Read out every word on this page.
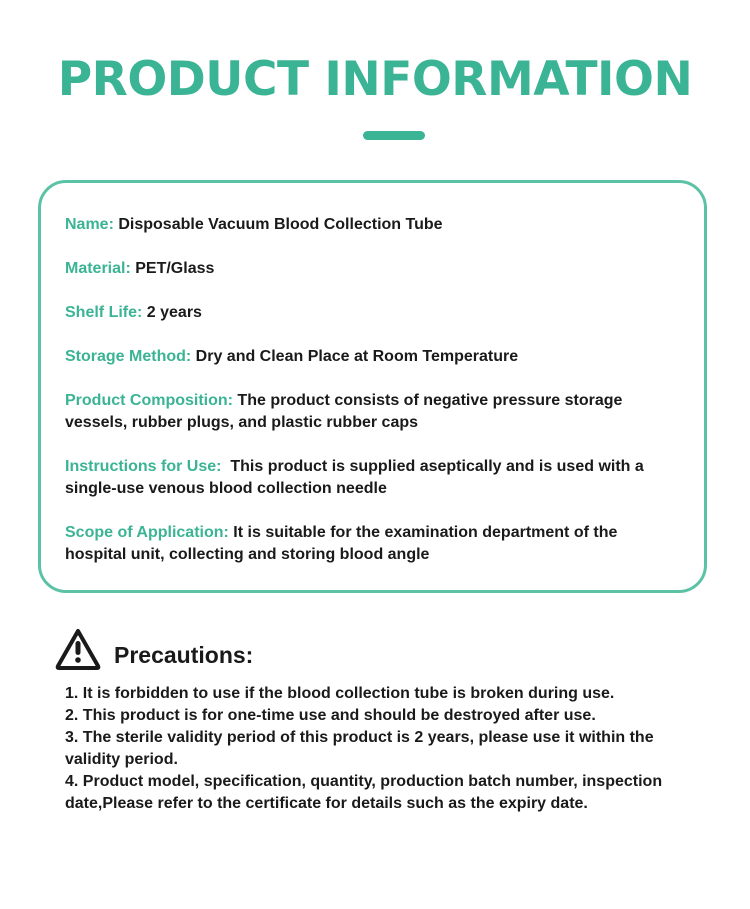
PRODUCT INFORMATION
Name: Disposable Vacuum Blood Collection Tube
Material: PET/Glass
Shelf Life: 2 years
Storage Method: Dry and Clean Place at Room Temperature
Product Composition: The product consists of negative pressure storage vessels, rubber plugs, and plastic rubber caps
Instructions for Use:  This product is supplied aseptically and is used with a single-use venous blood collection needle
Scope of Application: It is suitable for the examination department of the hospital unit, collecting and storing blood angle
Precautions:

1. It is forbidden to use if the blood collection tube is broken during use.

2. This product is for one-time use and should be destroyed after use.

3. The sterile validity period of this product is 2 years, please use it within the validity period.

4. Product model, specification, quantity, production batch number, inspection date,Please refer to the certificate for details such as the expiry date.
